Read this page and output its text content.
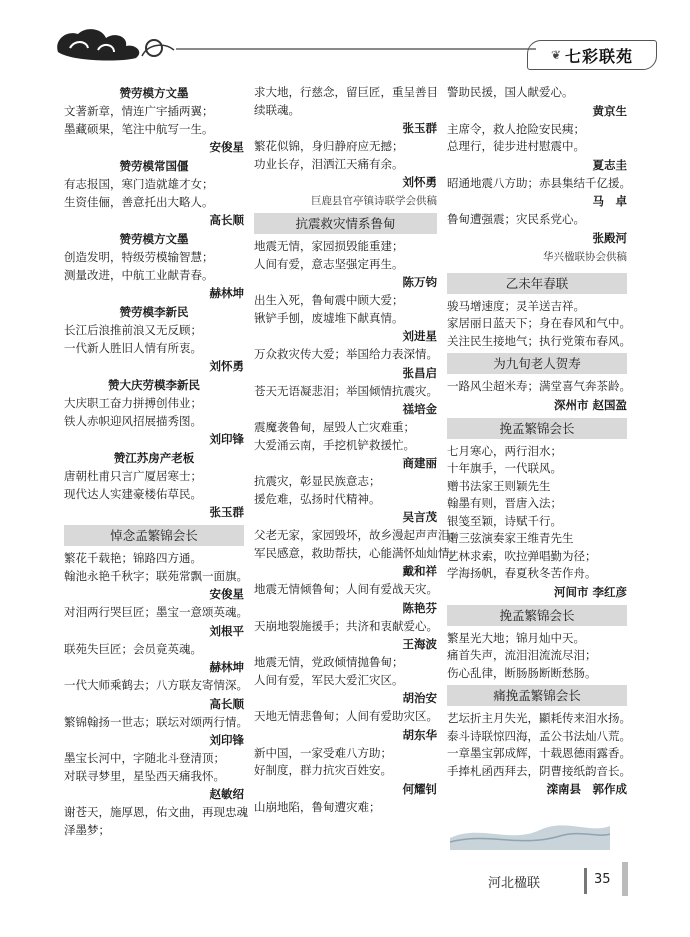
❦ 七彩联苑
赞劳模方文墨
文著新章，情连广宇插两翼；
墨藏硕果，笔注中航写一生。
安俊星
赞劳模常国僵
有志报国，寒门造就雄才女；
生资佳俪，善意托出大略人。
高长顺
赞劳模方文墨
创造发明，特级劳模输智慧；
测量改进，中航工业献青春。
赫林坤
赞劳模李新民
长江后浪推前浪又无反顾；
一代新人胜旧人情有所衷。
刘怀勇
赞大庆劳模李新民
大庆职工奋力拼搏创伟业；
铁人赤帜迎风招展描秀图。
刘印锋
赞江苏房产老板
唐朝杜甫只言广厦居寒士；
现代达人实建豪楼佑草民。
张玉群
悼念孟繁锦会长
繁花千载艳；锦路四方通。
翰池永艳千秋字；联苑常飘一面旗。
安俊星
对泪两行哭巨匠；墨宝一意颂英魂。
刘根平
联苑失巨匠；会员竟英魂。
赫林坤
一代大师乘鹤去；八方联友寄情深。
高长顺
繁锦翰扬一世志；联坛对颂两行情。
刘印锋
墨宝长河中，字随北斗登清顶；
对联寻梦里，星坠西天痛我怀。
赵敏绍
谢苍天，施厚恩，佑文曲，再现忠魂
泽墨梦；
求大地，行慈念，留巨匠，重呈善目
续联魂。
张玉群
繁花似锦，身归静府应无撼；
功业长存，泪洒江天痛有余。
刘怀勇
巨鹿县官亭镇诗联学会供稿
抗震救灾情系鲁甸
地震无情，家园损毁能重建；
人间有爱，意志坚强定再生。
陈万钧
出生入死，鲁甸震中顾大爱；
锹铲手刨，废墟堆下献真情。
刘进星
万众救灾传大爱；举国给力表深情。
张昌启
苍天无语凝悲泪；举国倾情抗震灾。
禚培金
震魔袭鲁甸，屋毁人亡灾难重；
大爱涌云南，手挖机铲救援忙。
商建丽
抗震灾，彰显民族意志；
援危难，弘扬时代精神。
吴言茂
父老无家，家园毁坏，故乡漫起声声泪；
军民感意，救助帮扶，心能满怀灿灿情。
戴和祥
地震无情倾鲁甸；人间有爱战天灾。
陈艳芬
天崩地裂施援手；共济和衷献爱心。
王海波
地震无情，党政倾情抛鲁甸；
人间有爱，军民大爱汇灾区。
胡治安
天地无情悲鲁甸；人间有爱助灾区。
胡东华
新中国，一家受难八方助；
好制度，群力抗灾百姓安。
何耀钊
山崩地陷，鲁甸遭灾难；
警助民援，国人献爱心。
黄京生
主席令，救人抢险安民痍；
总理行，徒步进村慰震中。
夏志圭
昭通地震八方助；赤县集结千亿援。
马　卓
鲁甸遭强震；灾民系党心。
张殿河
华兴楹联协会供稿
乙未年春联
骏马增速度；灵羊送吉祥。
家居丽日蓝天下；身在春风和气中。
关注民生接地气；执行党策布春风。
为九旬老人贺寿
一路风尘超米寿；满堂喜气奔茶龄。
深州市 赵国盈
挽孟繁锦会长
七月寒心，两行泪水；
十年旗手，一代联风。
赠书法家王则颖先生
翰墨有则，晋唐入法；
银笺至颖，诗赋千行。
赠三弦演奏家王维青先生
艺林求索，吹拉弹唱勤为径；
学海扬帆，春夏秋冬苦作舟。
河间市 李红彦
挽孟繁锦会长
繁星光大地；锦月灿中天。
痛首失声，流泪泪流流尽泪；
伤心乱律，断肠肠断断愁肠。
痛挽孟繁锦会长
艺坛折主月失光，顯耗传来泪水扬。
泰斗诗联惊四海，孟公书法灿八荒。
一章墨宝郭成辉，十载恩德雨露香。
手捧札函西拜去，阴曹接纸韵音长。
滦南县　郭作成
河北楹联	35
